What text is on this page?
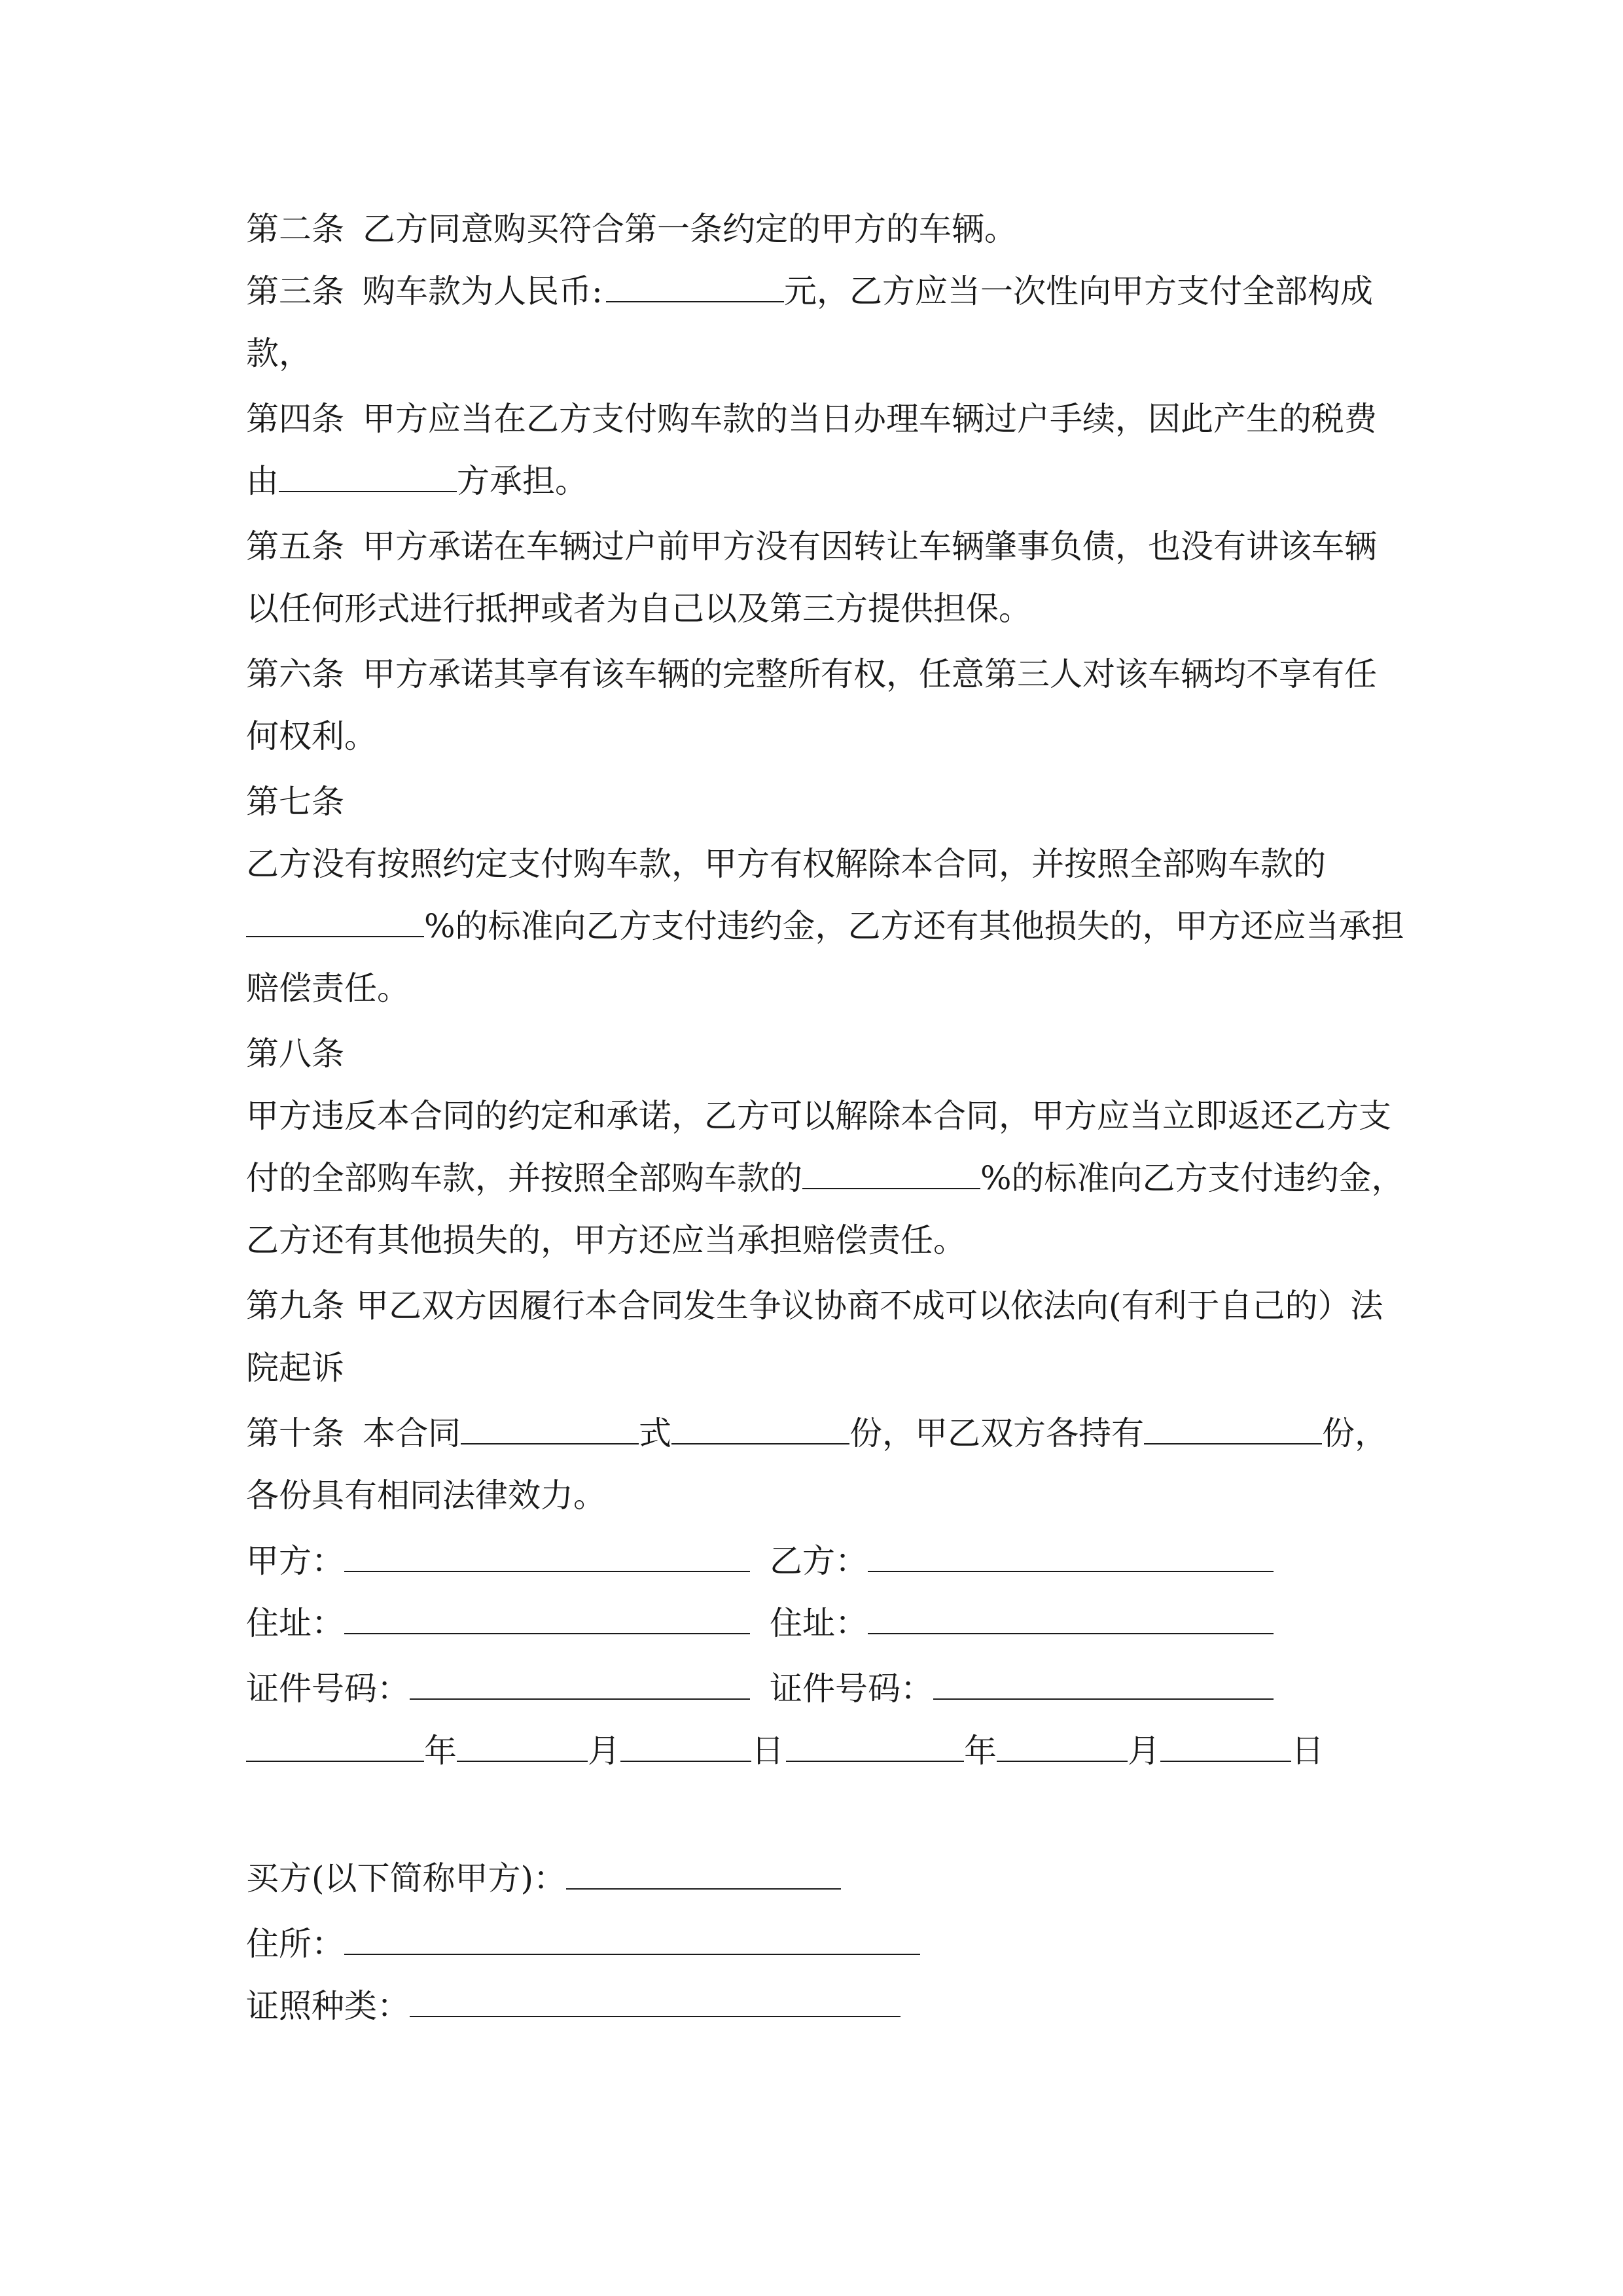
第二条 乙方同意购买符合第一条约定的甲方的车辆。
第三条 购车款为人民币:	元，乙方应当一次性向甲方支付全部构成
款，
第四条 甲方应当在乙方支付购车款的当日办理车辆过户手续，因此产生的税费
由	方承担。
第五条 甲方承诺在车辆过户前甲方没有因转让车辆肇事负债，也没有讲该车辆
以任何形式进行抵押或者为自己以及第三方提供担保。
第六条 甲方承诺其享有该车辆的完整所有权，任意第三人对该车辆均不享有任
何权利。
第七条
乙方没有按照约定支付购车款，甲方有权解除本合同，并按照全部购车款的
%的标准向乙方支付违约金，乙方还有其他损失的，甲方还应当承担
赔偿责任。
第八条
甲方违反本合同的约定和承诺，乙方可以解除本合同，甲方应当立即返还乙方支
付的全部购车款，并按照全部购车款的	%的标准向乙方支付违约金，
乙方还有其他损失的，甲方还应当承担赔偿责任。
第九条 甲乙双方因履行本合同发生争议协商不成可以依法向(有利于自己的）法
院起诉
第十条 本合同	式	份，甲乙双方各持有	份，
各份具有相同法律效力。
甲方：	乙方：
住址：	住址：
证件号码：	证件号码：
年	月	日	年	月	日
买方(以下简称甲方)：
住所：
证照种类：
